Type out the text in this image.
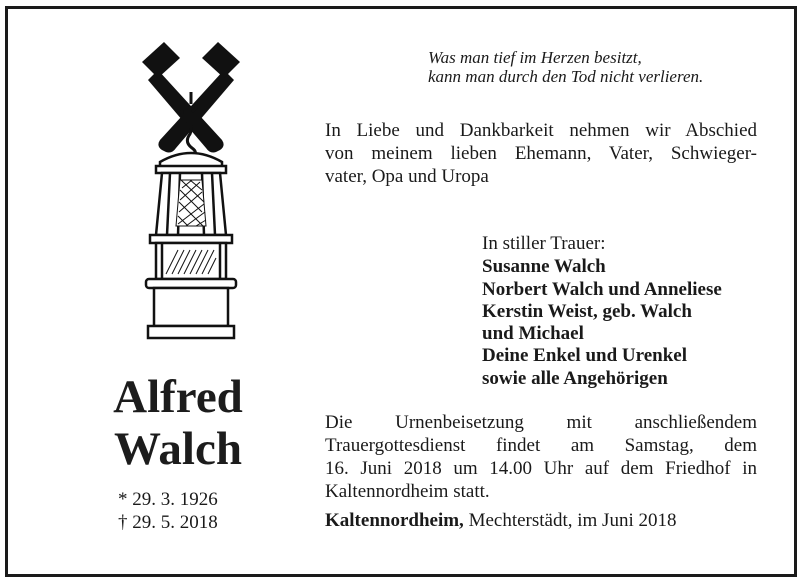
Alfred
Walch
* 29. 3. 1926
† 29. 5. 2018
Was man tief im Herzen besitzt,
kann man durch den Tod nicht verlieren.
In Liebe und Dankbarkeit nehmen wir Abschied
von meinem lieben Ehemann, Vater, Schwieger-
vater, Opa und Uropa
In stiller Trauer:
Susanne Walch
Norbert Walch und Anneliese
Kerstin Weist, geb. Walch
und Michael
Deine Enkel und Urenkel
sowie alle Angehörigen
Die Urnenbeisetzung mit anschließendem
Trauergottesdienst findet am Samstag, dem
16. Juni 2018 um 14.00 Uhr auf dem Friedhof in
Kaltennordheim statt.
Kaltennordheim, Mechterstädt, im Juni 2018
